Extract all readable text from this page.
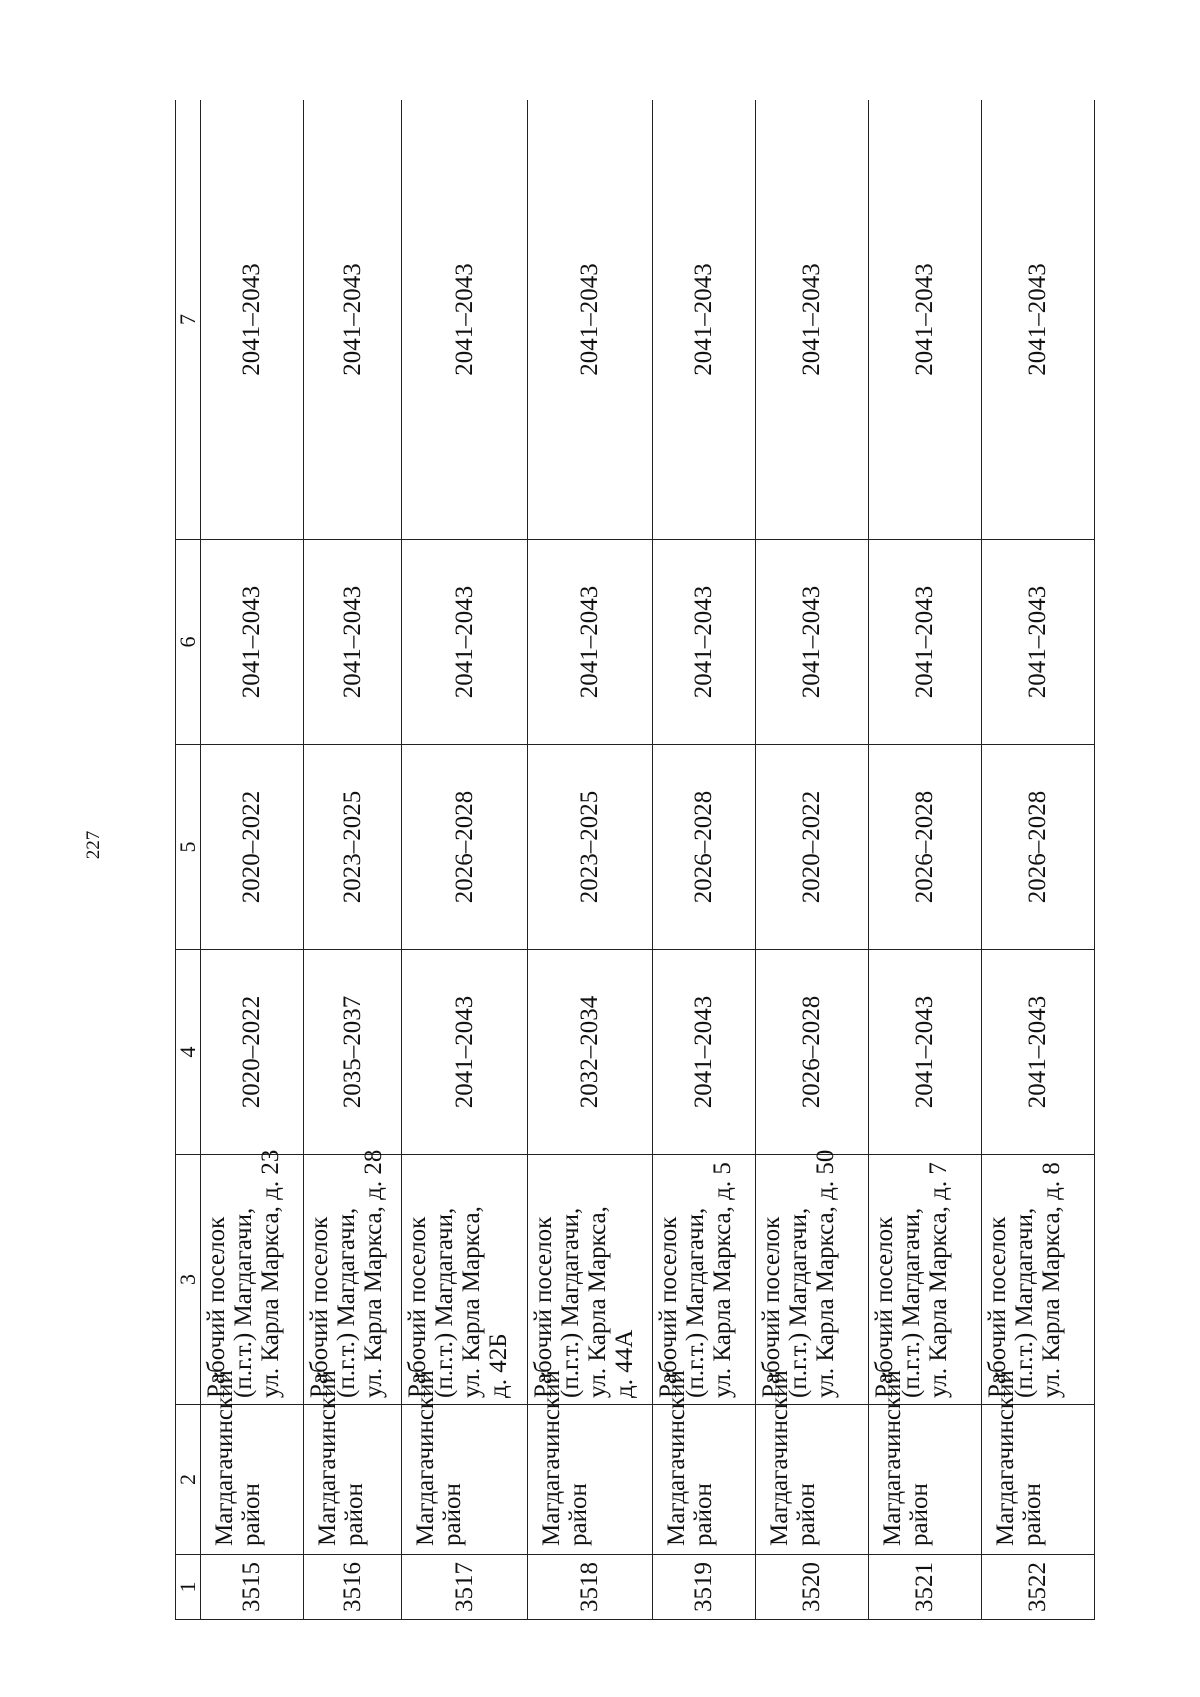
227
1	2	3	4	5	6	7
3515	Магдагачинский район	Рабочий поселок (п.г.т.) Магдагачи, ул. Карла Маркса, д. 23	2020–2022	2020–2022	2041–2043	2041–2043
3516	Магдагачинский район	Рабочий поселок (п.г.т.) Магдагачи, ул. Карла Маркса, д. 28	2035–2037	2023–2025	2041–2043	2041–2043
3517	Магдагачинский район	Рабочий поселок (п.г.т.) Магдагачи, ул. Карла Маркса, д. 42Б	2041–2043	2026–2028	2041–2043	2041–2043
3518	Магдагачинский район	Рабочий поселок (п.г.т.) Магдагачи, ул. Карла Маркса, д. 44А	2032–2034	2023–2025	2041–2043	2041–2043
3519	Магдагачинский район	Рабочий поселок (п.г.т.) Магдагачи, ул. Карла Маркса, д. 5	2041–2043	2026–2028	2041–2043	2041–2043
3520	Магдагачинский район	Рабочий поселок (п.г.т.) Магдагачи, ул. Карла Маркса, д. 50	2026–2028	2020–2022	2041–2043	2041–2043
3521	Магдагачинский район	Рабочий поселок (п.г.т.) Магдагачи, ул. Карла Маркса, д. 7	2041–2043	2026–2028	2041–2043	2041–2043
3522	Магдагачинский район	Рабочий поселок (п.г.т.) Магдагачи, ул. Карла Маркса, д. 8	2041–2043	2026–2028	2041–2043	2041–2043
